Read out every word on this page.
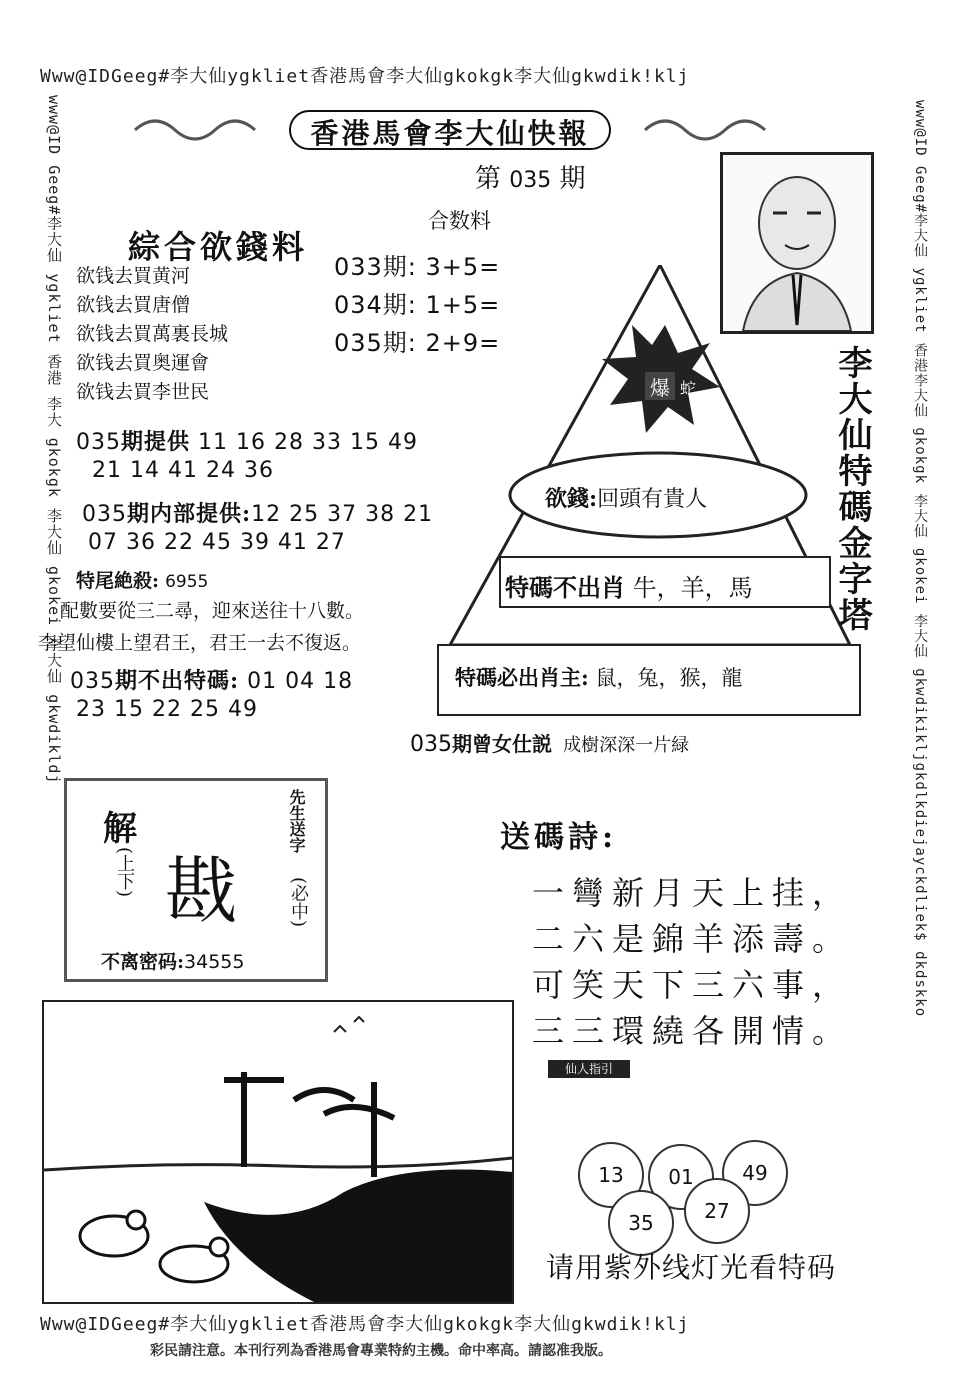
Www@IDGeeg#李大仙ygkliet香港馬會李大仙gkokgk李大仙gkwdik!klj
www@ID Geeg#李大仙 ygkliet 香港 李大 gkokgk 李大仙 gkokei 李大仙 gkwdikldj	www@ID Geeg#李大仙 ygkliet 香港李大仙 gkokgk 李大仙 gkokei 李大仙 gkwdikikljgkdlkdiejayckdliek$ dkdskko
Www@IDGeeg#李大仙ygkliet香港馬會李大仙gkokgk李大仙gkwdik!klj
彩民請注意。本刊行列為香港馬會專業特約主機。命中率高。請認准我版。
香港馬會李大仙快報
第 035 期
合数料
033期: 3+5=
034期: 1+5=
035期: 2+9=
綜合欲錢料
欲钱去買黄河
欲钱去買唐僧
欲钱去買萬裏長城
欲钱去買奥運會
欲钱去買李世民
035期提供 11 16 28 33 15 49
21 14 41 24 36
035期内部提供:12 25 37 38 21
07 36 22 45 39 41 27
特尾絶殺: 6955
配數要從三二尋，迎來送往十八數。
李望仙樓上望君王，君王一去不復返。
035期不出特碼: 01 04 18
23 15 22 25 49
爆 蛇
欲錢:回頭有貴人
特碼不出肖 牛，羊，馬
特碼必出肖主: 鼠，兔，猴，龍
李大仙特碼金字塔
035期曾女仕説 成樹深深一片緑
解
(上下) 戡
先生送字
(必中)
不离密码:34555
送碼詩:
一彎新月天上挂，
二六是錦羊添壽。
可笑天下三六事，
三三環繞各開情。
仙人指引
13	01	49
35	27
请用紫外线灯光看特码
